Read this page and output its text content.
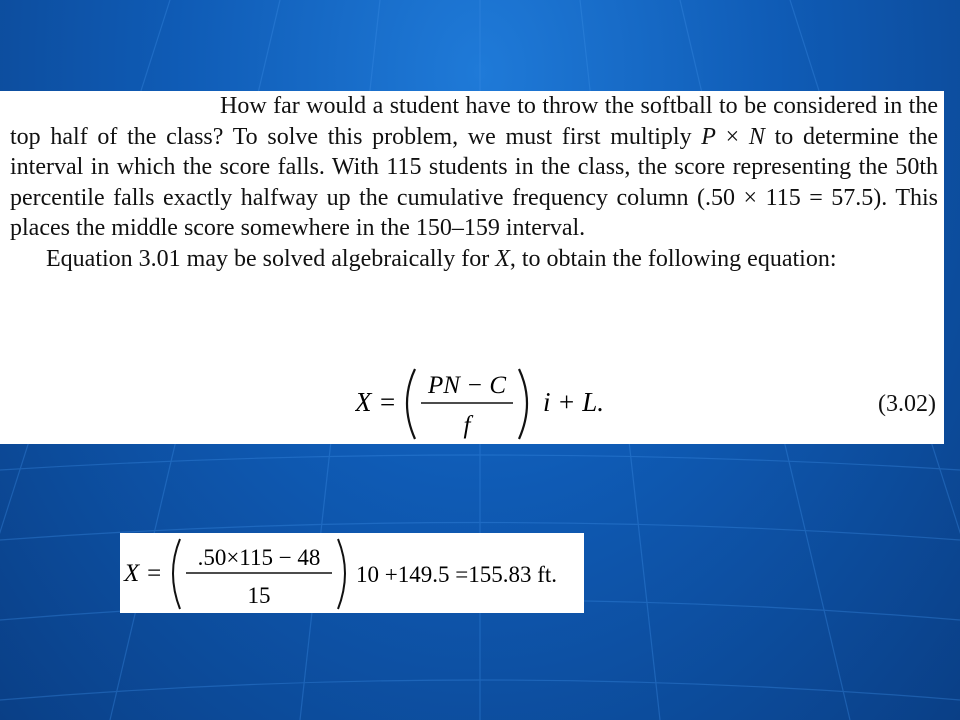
How far would a student have to throw the softball to be considered in the top half of the class? To solve this problem, we must first multiply P × N to determine the interval in which the score falls. With 115 students in the class, the score representing the 50th percentile falls exactly halfway up the cumulative frequency column (.50 × 115 = 57.5). This places the middle score somewhere in the 150–159 interval.

Equation 3.01 may be solved algebraically for X, to obtain the following equation:

X =
PN − C
f
i + L.	(3.02)
X =
.50×115 − 48
15
10 +149.5 =155.83 ft.
